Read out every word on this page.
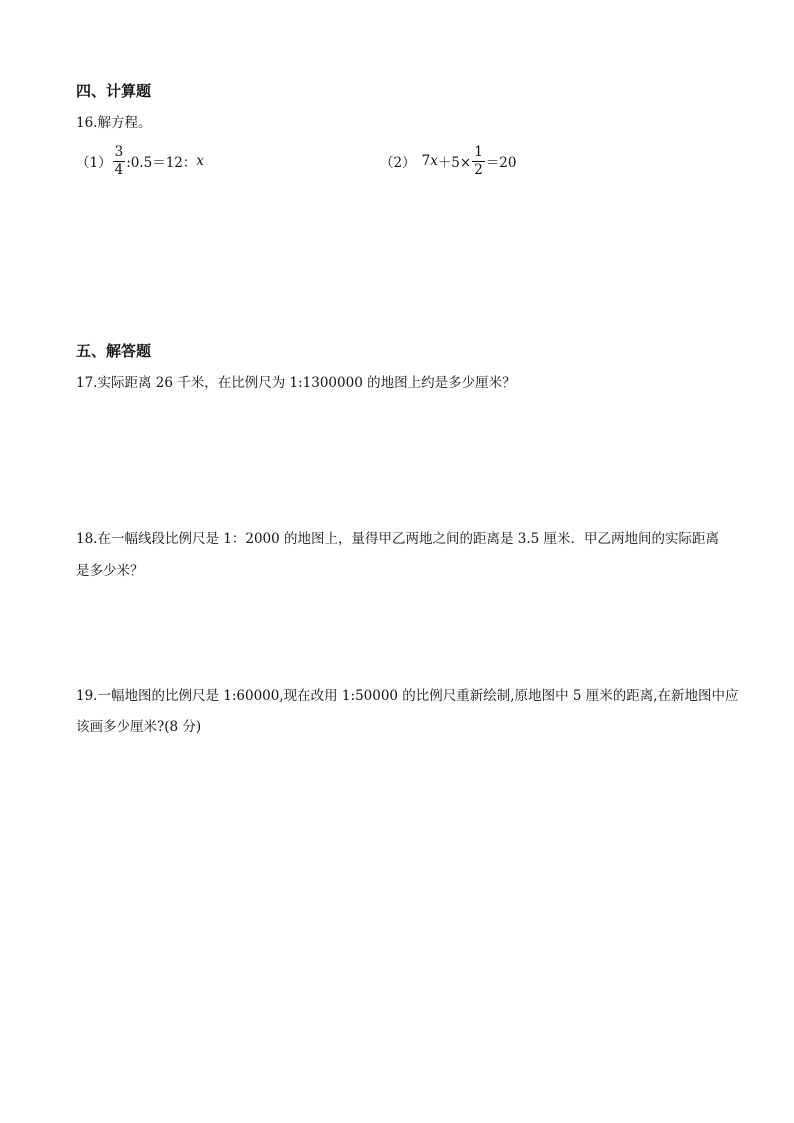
四、计算题
16.解方程。
$(1) \frac{3}{4}$ :0.5＝12： x	（2） 7 $x +5\times \frac{1}{2} =20$
五、解答题
17.实际距离 26 千米，在比例尺为 1:1300000 的地图上约是多少厘米？
18.在一幅线段比例尺是 1：2000 的地图上，量得甲乙两地之间的距离是 3.5 厘米．甲乙两地间的实际距离
是多少米？
19.一幅地图的比例尺是 1:60000,现在改用 1:50000 的比例尺重新绘制,原地图中 5 厘米的距离,在新地图中应
该画多少厘米?(8 分)
